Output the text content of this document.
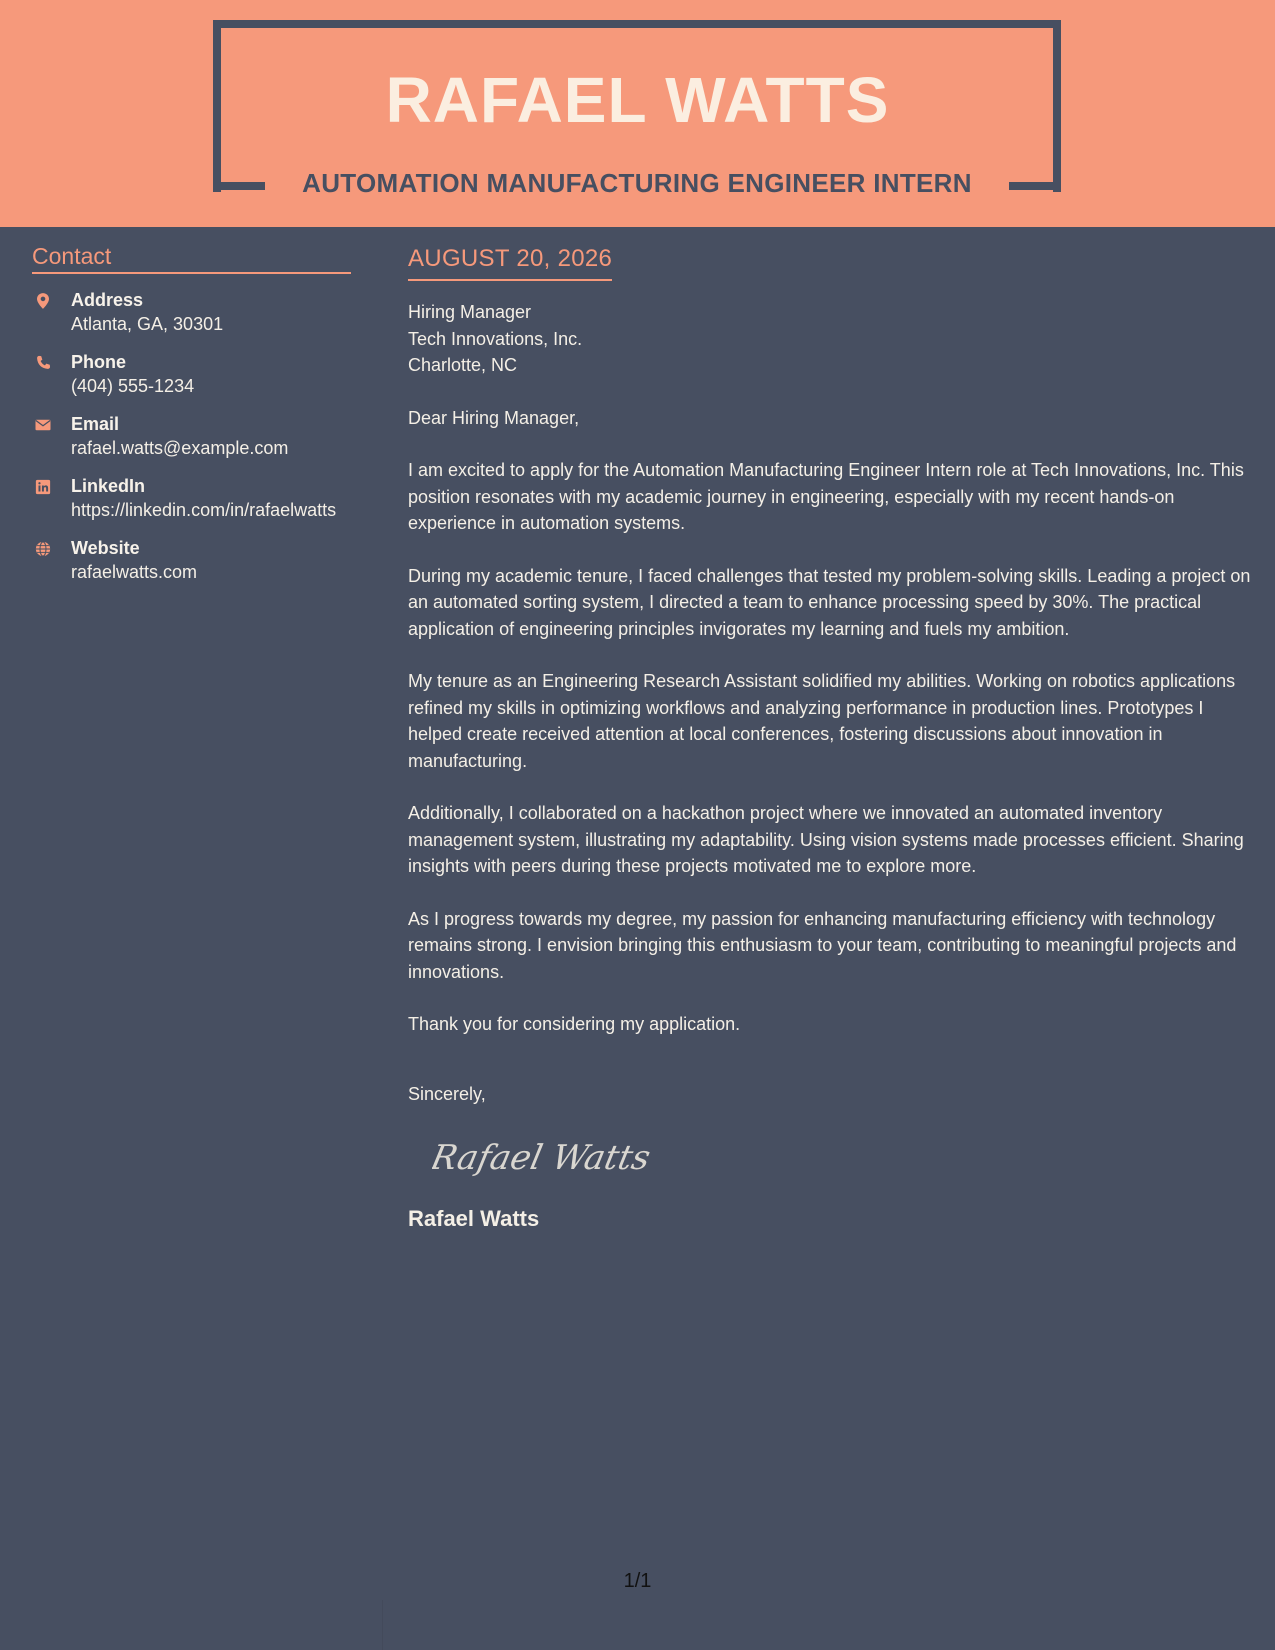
RAFAEL WATTS
AUTOMATION MANUFACTURING ENGINEER INTERN
Contact
Address
Atlanta, GA, 30301
Phone
(404) 555-1234
Email
rafael.watts@example.com
LinkedIn
https://linkedin.com/in/rafaelwatts
Website
rafaelwatts.com
AUGUST 20, 2026
Hiring Manager
Tech Innovations, Inc.
Charlotte, NC
Dear Hiring Manager,
I am excited to apply for the Automation Manufacturing Engineer Intern role at Tech Innovations, Inc. This position resonates with my academic journey in engineering, especially with my recent hands-on experience in automation systems.
During my academic tenure, I faced challenges that tested my problem-solving skills. Leading a project on an automated sorting system, I directed a team to enhance processing speed by 30%. The practical application of engineering principles invigorates my learning and fuels my ambition.
My tenure as an Engineering Research Assistant solidified my abilities. Working on robotics applications refined my skills in optimizing workflows and analyzing performance in production lines. Prototypes I helped create received attention at local conferences, fostering discussions about innovation in manufacturing.
Additionally, I collaborated on a hackathon project where we innovated an automated inventory management system, illustrating my adaptability. Using vision systems made processes efficient. Sharing insights with peers during these projects motivated me to explore more.
As I progress towards my degree, my passion for enhancing manufacturing efficiency with technology remains strong. I envision bringing this enthusiasm to your team, contributing to meaningful projects and innovations.
Thank you for considering my application.
Sincerely,
Rafael Watts
Rafael Watts
1/1
